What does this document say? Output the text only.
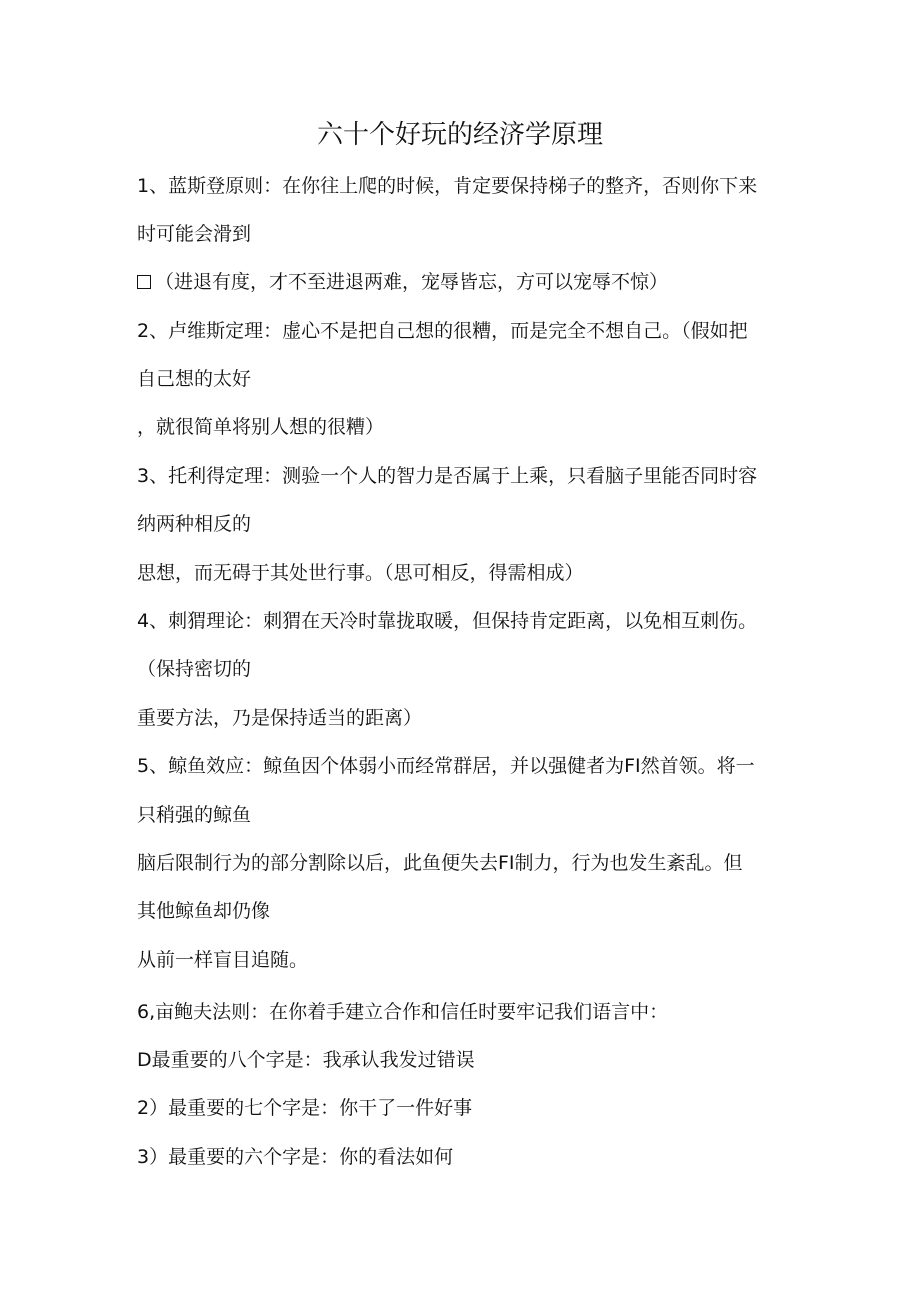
六十个好玩的经济学原理
1、蓝斯登原则：在你往上爬的时候，肯定要保持梯子的整齐，否则你下来
时可能会滑到
（进退有度，才不至进退两难，宠辱皆忘，方可以宠辱不惊）
2、卢维斯定理：虚心不是把自己想的很糟，而是完全不想自己。（假如把
自己想的太好
，就很简单将别人想的很糟）
3、托利得定理：测验一个人的智力是否属于上乘，只看脑子里能否同时容
纳两种相反的
思想，而无碍于其处世行事。（思可相反，得需相成）
4、刺猬理论：刺猬在天冷时靠拢取暖，但保持肯定距离，以免相互刺伤。
（保持密切的
重要方法，乃是保持适当的距离）
5、鲸鱼效应：鲸鱼因个体弱小而经常群居，并以强健者为FI然首领。将一
只稍强的鲸鱼
脑后限制行为的部分割除以后，此鱼便失去FI制力，行为也发生紊乱。但
其他鲸鱼却仍像
从前一样盲目追随。
6,亩鲍夫法则：在你着手建立合作和信任时要牢记我们语言中：
D最重要的八个字是：我承认我发过错误
2）最重要的七个字是：你干了一件好事
3）最重要的六个字是：你的看法如何
